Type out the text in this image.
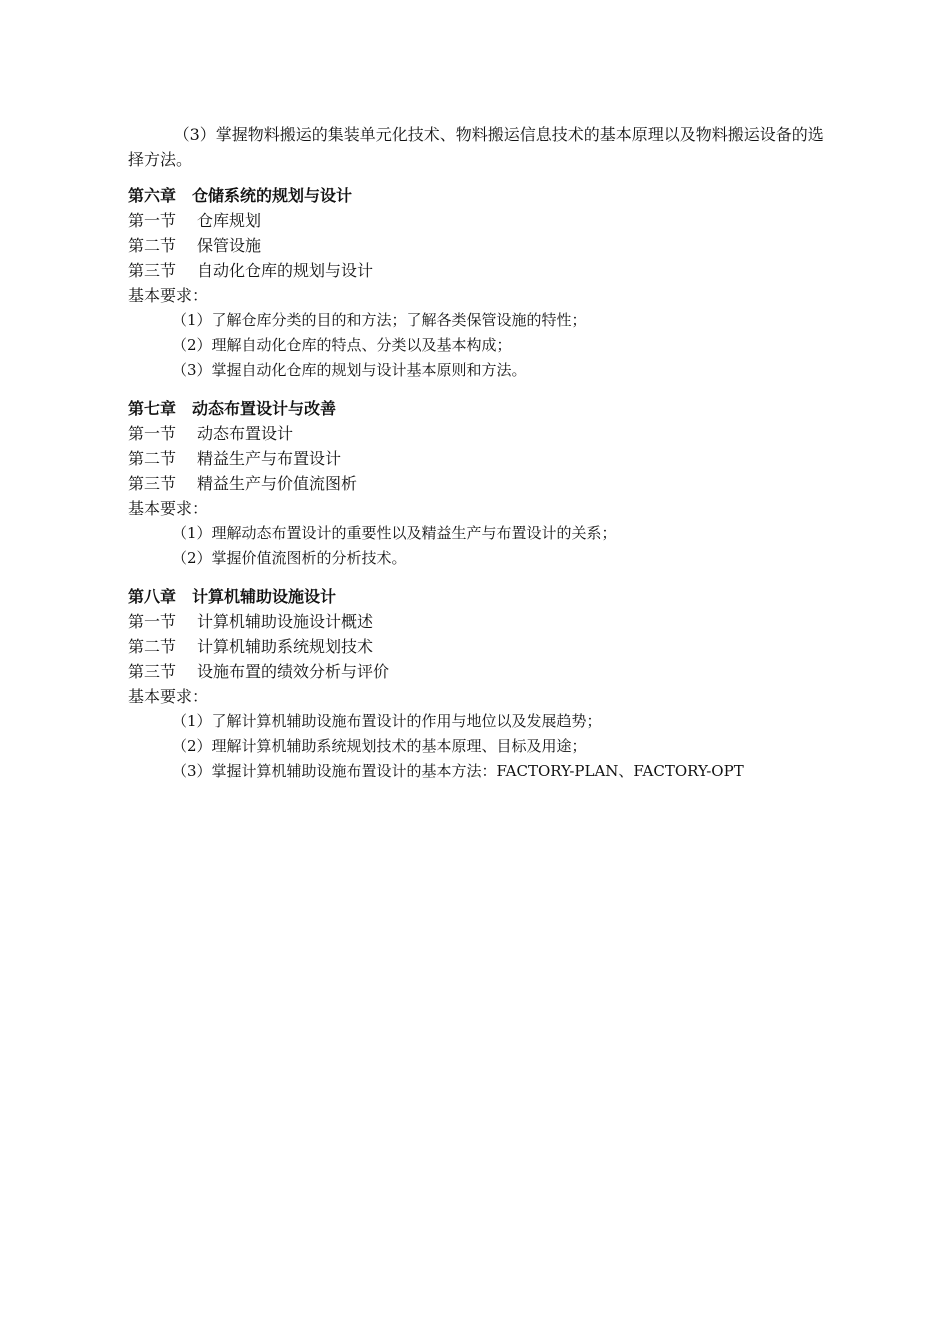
（3）掌握物料搬运的集装单元化技术、物料搬运信息技术的基本原理以及物料搬运设备的选择方法。

第六章　仓储系统的规划与设计

第一节 仓库规划

第二节 保管设施

第三节 自动化仓库的规划与设计

基本要求：

（1）了解仓库分类的目的和方法；了解各类保管设施的特性；

（2）理解自动化仓库的特点、分类以及基本构成；

（3）掌握自动化仓库的规划与设计基本原则和方法。

第七章　动态布置设计与改善

第一节 动态布置设计

第二节 精益生产与布置设计

第三节 精益生产与价值流图析

基本要求：

（1）理解动态布置设计的重要性以及精益生产与布置设计的关系；

（2）掌握价值流图析的分析技术。

第八章　计算机辅助设施设计

第一节 计算机辅助设施设计概述

第二节 计算机辅助系统规划技术

第三节 设施布置的绩效分析与评价

基本要求：

（1）了解计算机辅助设施布置设计的作用与地位以及发展趋势；

（2）理解计算机辅助系统规划技术的基本原理、目标及用途；

（3）掌握计算机辅助设施布置设计的基本方法：FACTORY-PLAN、FACTORY-OPT
